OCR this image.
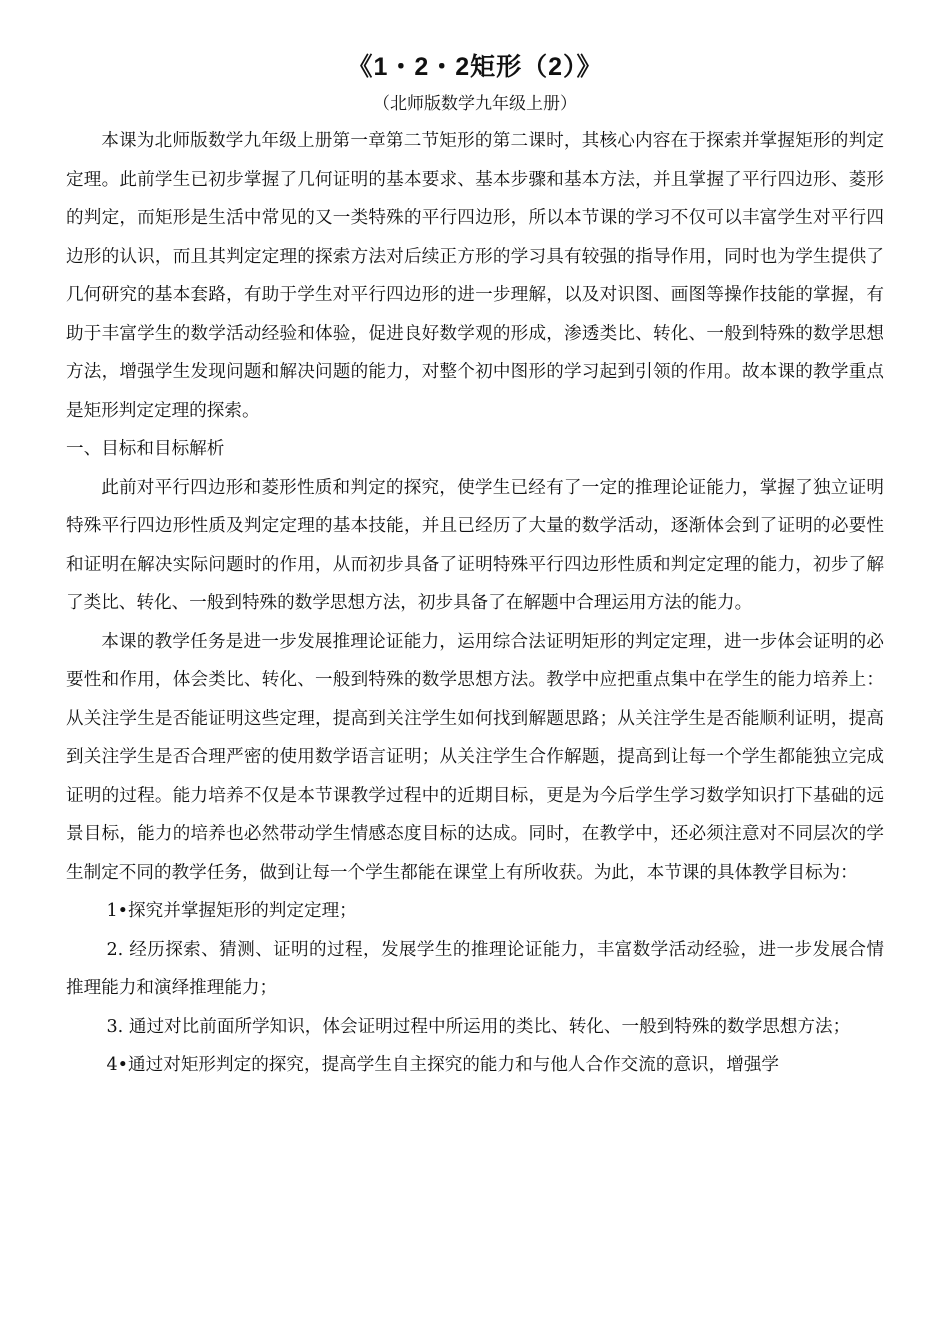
《1・2・2矩形（2）》
（北师版数学九年级上册）

本课为北师版数学九年级上册第一章第二节矩形的第二课时，其核心内容在于探索并掌握矩形的判定定理。此前学生已初步掌握了几何证明的基本要求、基本步骤和基本方法，并且掌握了平行四边形、菱形的判定，而矩形是生活中常见的又一类特殊的平行四边形，所以本节课的学习不仅可以丰富学生对平行四边形的认识，而且其判定定理的探索方法对后续正方形的学习具有较强的指导作用，同时也为学生提供了几何研究的基本套路，有助于学生对平行四边形的进一步理解，以及对识图、画图等操作技能的掌握，有助于丰富学生的数学活动经验和体验，促进良好数学观的形成，渗透类比、转化、一般到特殊的数学思想方法，增强学生发现问题和解决问题的能力，对整个初中图形的学习起到引领的作用。故本课的教学重点是矩形判定定理的探索。

一、目标和目标解析

此前对平行四边形和菱形性质和判定的探究，使学生已经有了一定的推理论证能力，掌握了独立证明特殊平行四边形性质及判定定理的基本技能，并且已经历了大量的数学活动，逐渐体会到了证明的必要性和证明在解决实际问题时的作用，从而初步具备了证明特殊平行四边形性质和判定定理的能力，初步了解了类比、转化、一般到特殊的数学思想方法，初步具备了在解题中合理运用方法的能力。

本课的教学任务是进一步发展推理论证能力，运用综合法证明矩形的判定定理，进一步体会证明的必要性和作用，体会类比、转化、一般到特殊的数学思想方法。教学中应把重点集中在学生的能力培养上：从关注学生是否能证明这些定理，提高到关注学生如何找到解题思路；从关注学生是否能顺利证明，提高到关注学生是否合理严密的使用数学语言证明；从关注学生合作解题，提高到让每一个学生都能独立完成证明的过程。能力培养不仅是本节课教学过程中的近期目标，更是为今后学生学习数学知识打下基础的远景目标，能力的培养也必然带动学生情感态度目标的达成。同时，在教学中，还必须注意对不同层次的学生制定不同的教学任务，做到让每一个学生都能在课堂上有所收获。为此，本节课的具体教学目标为：

1•探究并掌握矩形的判定定理；

2. 经历探索、猜测、证明的过程，发展学生的推理论证能力，丰富数学活动经验，进一步发展合情推理能力和演绎推理能力；

3. 通过对比前面所学知识，体会证明过程中所运用的类比、转化、一般到特殊的数学思想方法；

4•通过对矩形判定的探究，提高学生自主探究的能力和与他人合作交流的意识，增强学
